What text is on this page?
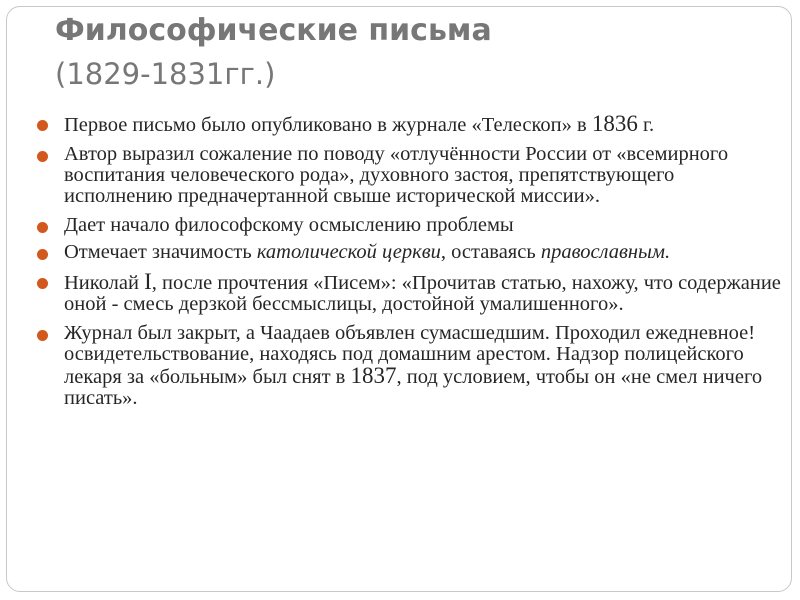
Философические письма
(1829-1831гг.)
Первое письмо было опубликовано в журнале «Телескоп» в 1836 г.
Автор выразил сожаление по поводу «отлучённости России от «всемирного воспитания человеческого рода», духовного застоя, препятствующего исполнению предначертанной свыше исторической миссии».
Дает начало философскому осмыслению проблемы
Отмечает значимость католической церкви, оставаясь православным.
Николай I, после прочтения «Писем»: «Прочитав статью, нахожу, что содержание оной - смесь дерзкой бессмыслицы, достойной умалишенного».
Журнал был закрыт, а Чаадаев объявлен сумасшедшим. Проходил ежедневное! освидетельствование, находясь под домашним арестом. Надзор полицейского лекаря за «больным» был снят в 1837, под условием, чтобы он «не смел ничего писать».
